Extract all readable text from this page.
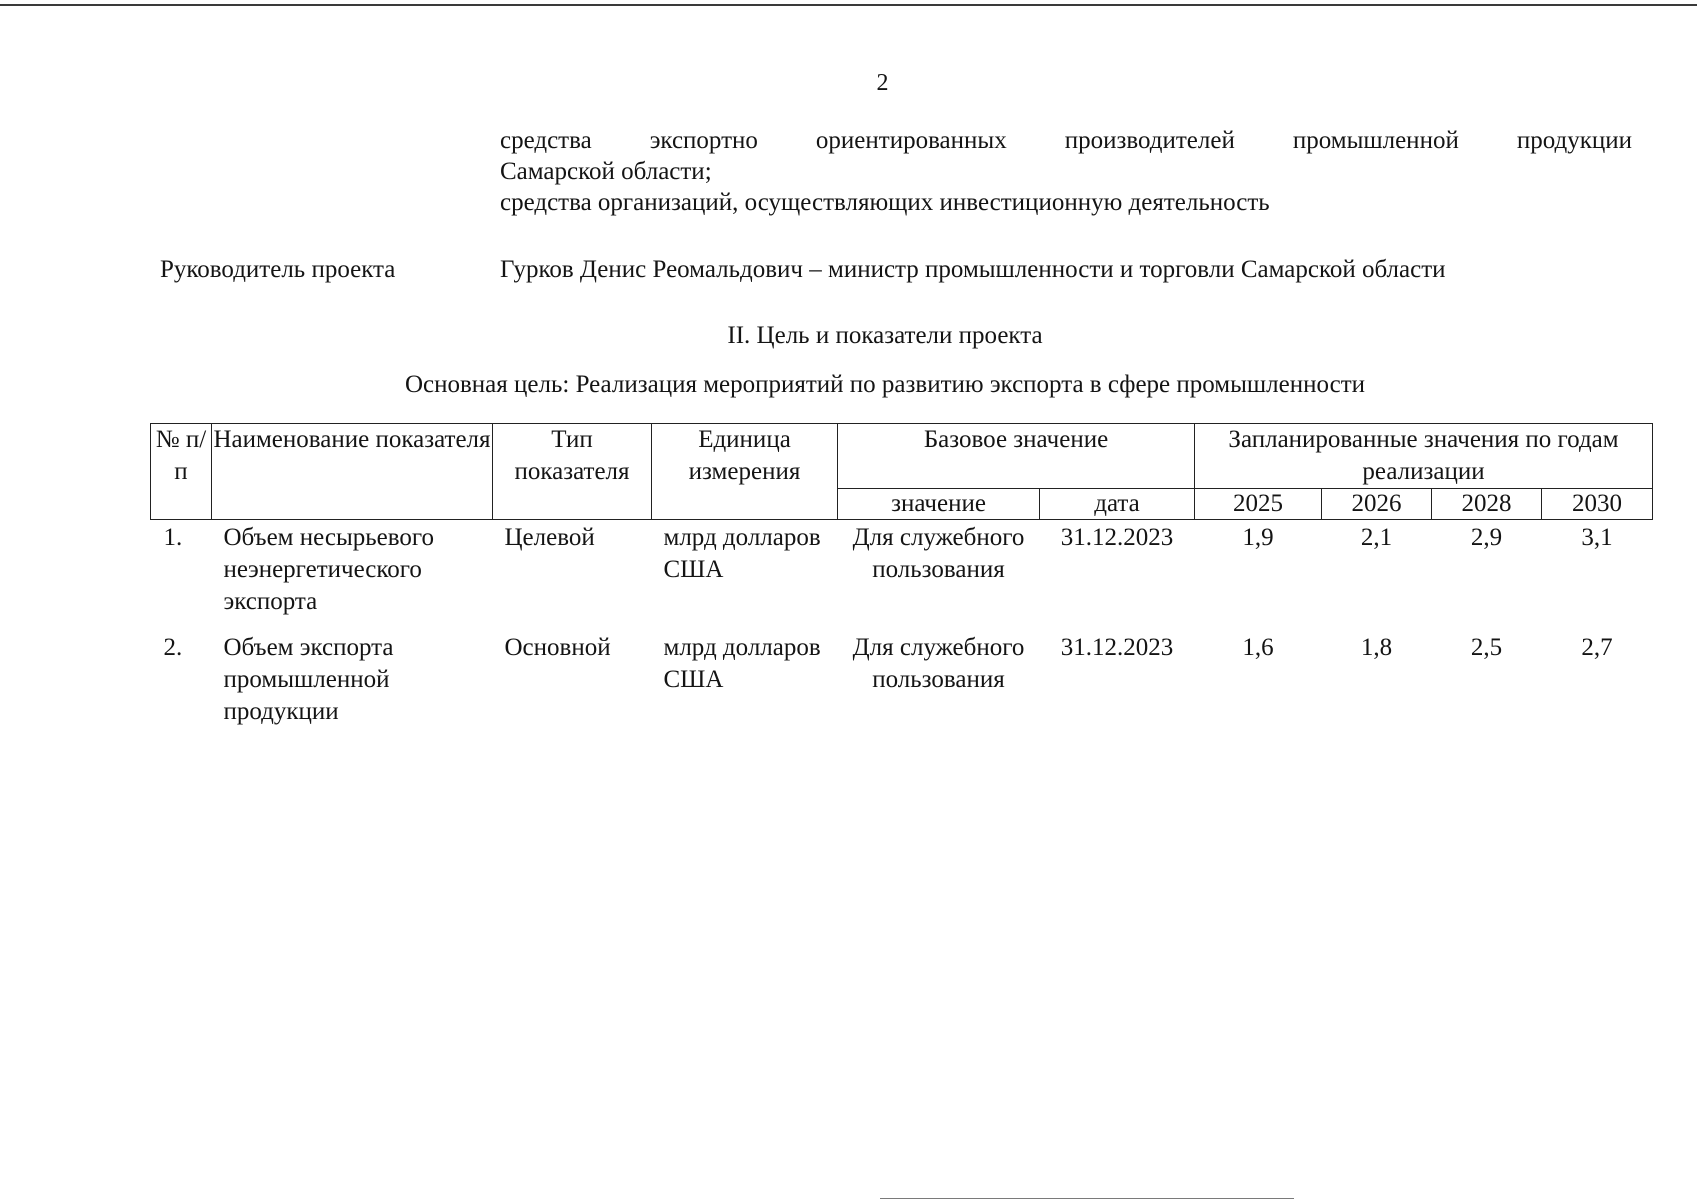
2
средства экспортно ориентированных производителей промышленной продукции
Самарской области;
средства организаций, осуществляющих инвестиционную деятельность
Руководитель проекта	Гурков Денис Реомальдович – министр промышленности и торговли Самарской области
II. Цель и показатели проекта
Основная цель: Реализация мероприятий по развитию экспорта в сфере промышленности
№ п/п	Наименование показателя	Тип показателя	Единица измерения	Базовое значение		Запланированные значения по годам реализации			
				значение	дата	2025	2026	2028	2030
1.	Объем несырьевого неэнергетического экспорта	Целевой	млрд долларов США	Для служебного пользования	31.12.2023	1,9	2,1	2,9	3,1
2.	Объем экспорта промышленной продукции	Основной	млрд долларов США	Для служебного пользования	31.12.2023	1,6	1,8	2,5	2,7
